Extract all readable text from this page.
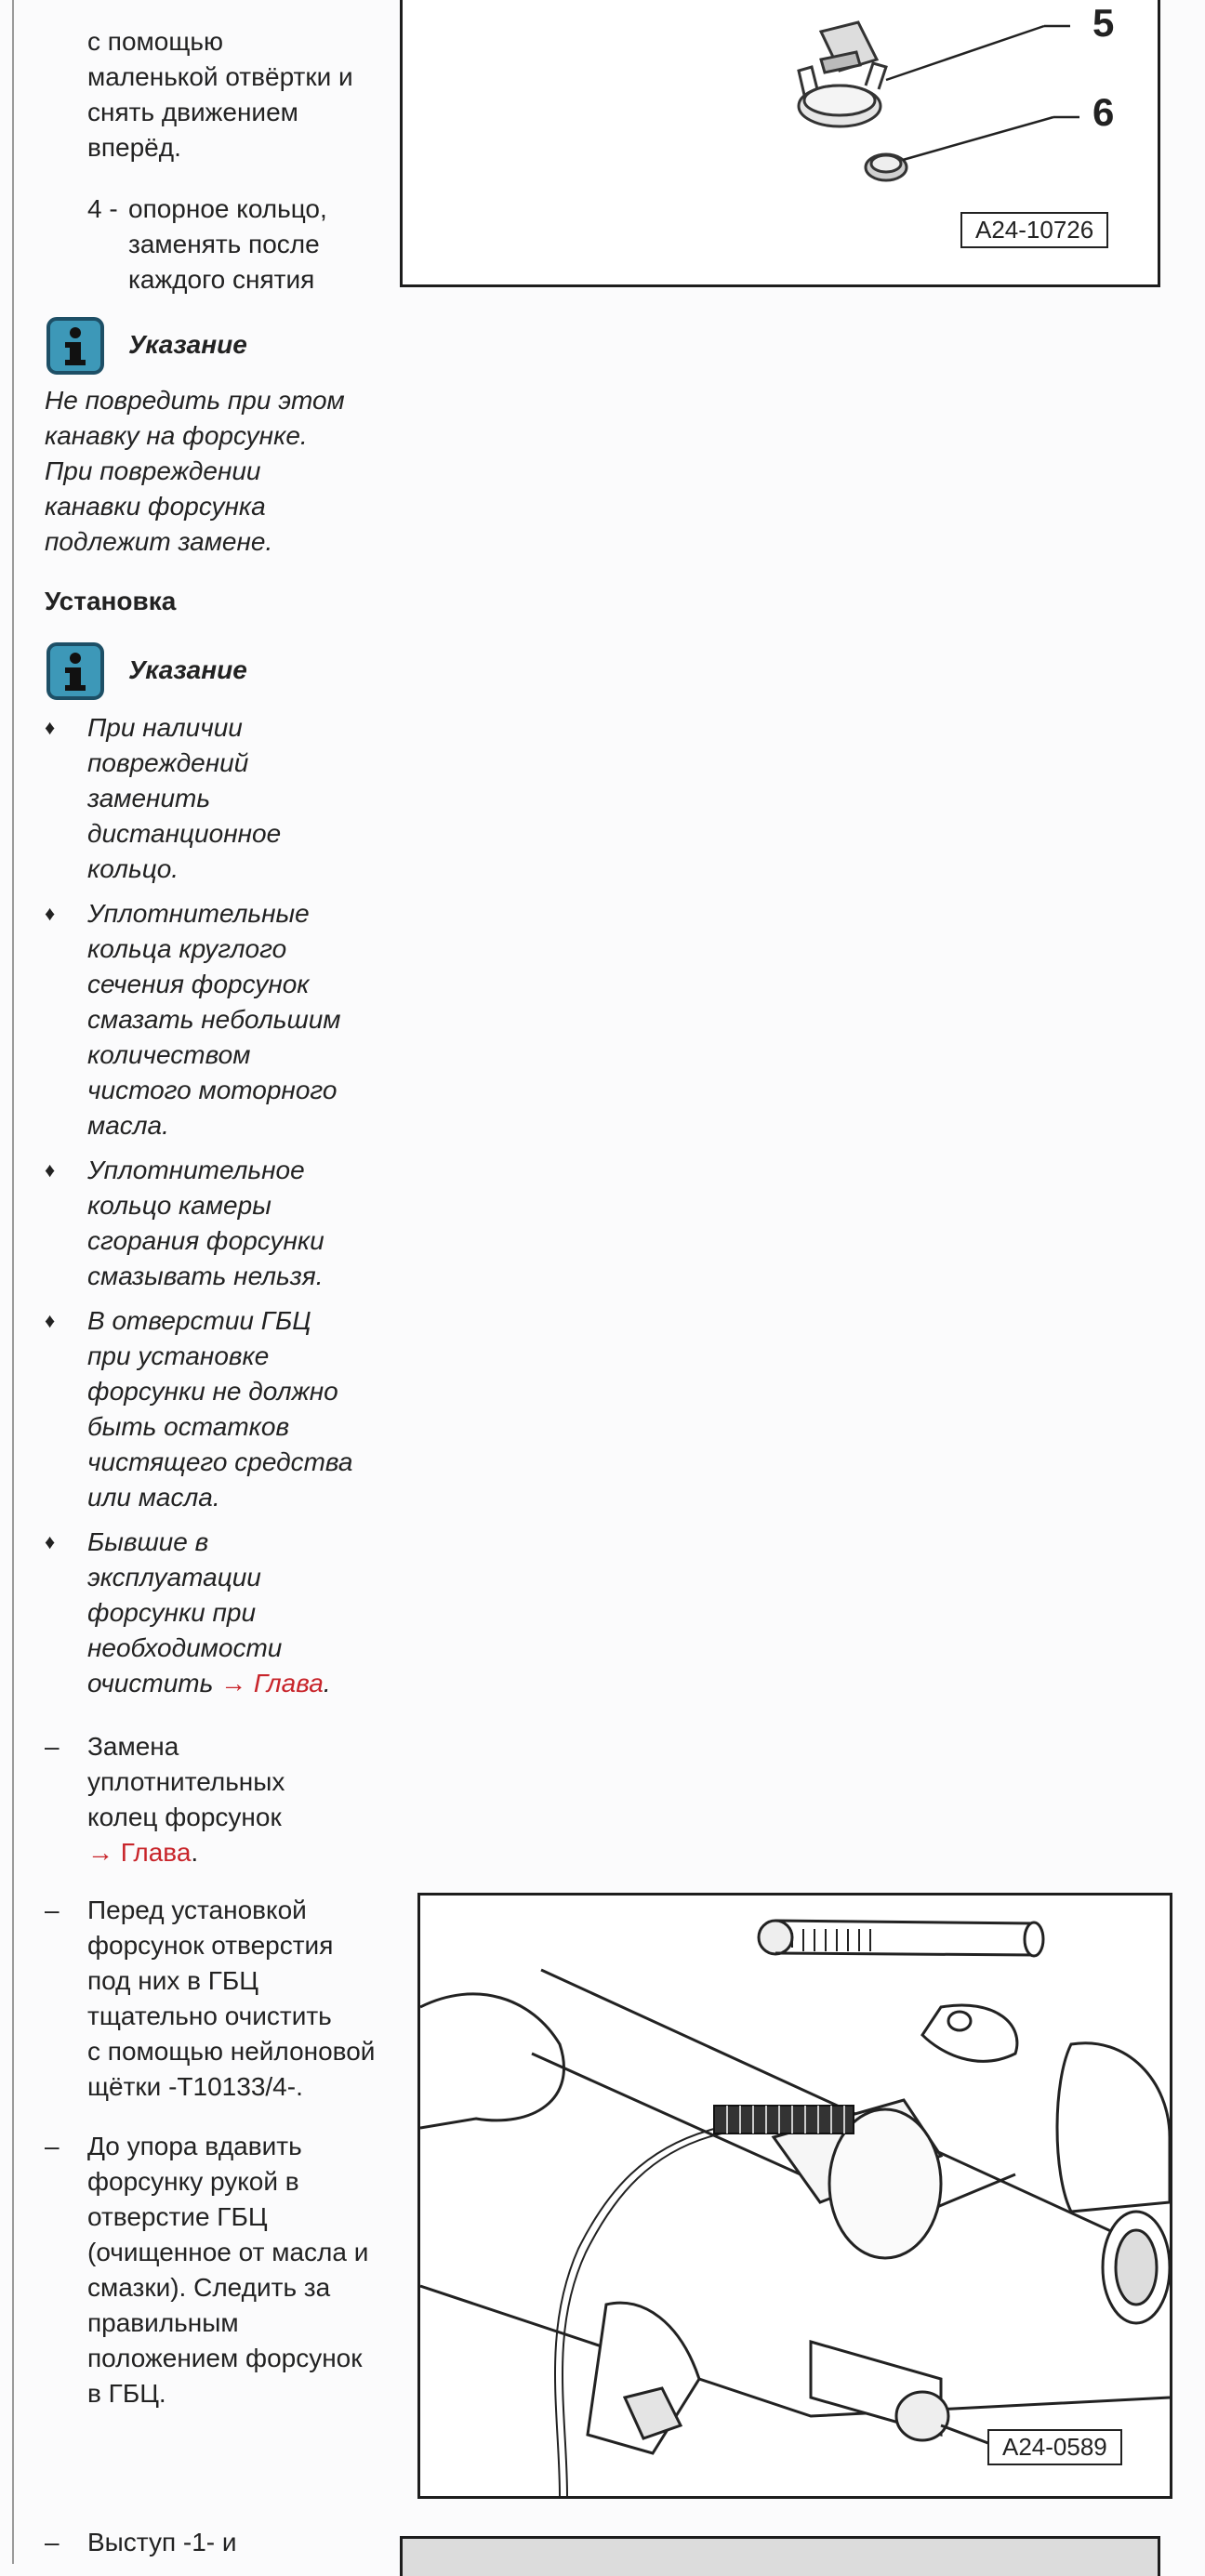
с помощью

маленькой отвёртки и

снять движением

вперёд.

4 - опорное кольцо,

заменять после

каждого снятия

5
6
A24-10726

Указание

Не повредить при этом

канавку на форсунке.

При повреждении

канавки форсунка

подлежит замене.

Установка

Указание

♦ При наличии

повреждений

заменить

дистанционное

кольцо.

♦ Уплотнительные

кольца круглого

сечения форсунок

смазать небольшим

количеством

чистого моторного

масла.

♦ Уплотнительное

кольцо камеры

сгорания форсунки

смазывать нельзя.

♦ В отверстии ГБЦ

при установке

форсунки не должно

быть остатков

чистящего средства

или масла.

♦ Бывшие в

эксплуатации

форсунки при

необходимости

очистить → Глава.

– Замена

уплотнительных

колец форсунок

→ Глава.

– Перед установкой

форсунок отверстия

под них в ГБЦ

тщательно очистить

с помощью нейлоновой

щётки -T10133/4-.

– До упора вдавить

форсунку рукой в

отверстие ГБЦ

(очищенное от масла и

смазки). Следить за

правильным

положением форсунок

в ГБЦ.

– Выступ -1- и

A24-0589
